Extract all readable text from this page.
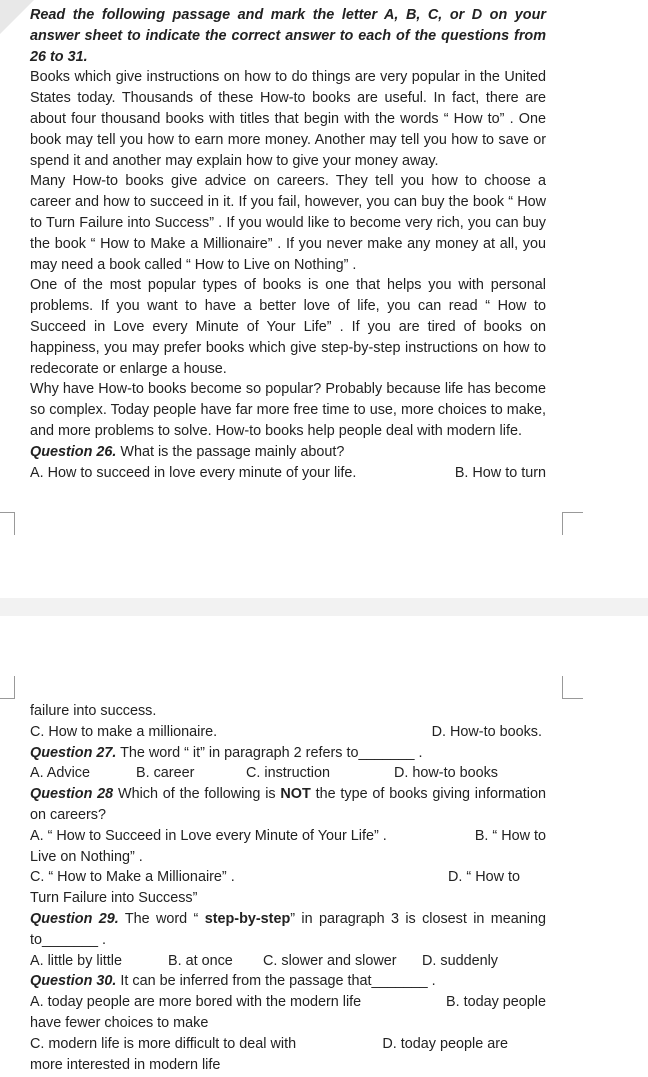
Read the following passage and mark the letter A, B, C, or D on your answer sheet to indicate the correct answer to each of the questions from 26 to 31.
Books which give instructions on how to do things are very popular in the United States today. Thousands of these How-to books are useful. In fact, there are about four thousand books with titles that begin with the words “ How to” . One book may tell you how to earn more money. Another may tell you how to save or spend it and another may explain how to give your money away.
Many How-to books give advice on careers. They tell you how to choose a career and how to succeed in it. If you fail, however, you can buy the book “ How to Turn Failure into Success” . If you would like to become very rich, you can buy the book “ How to Make a Millionaire” . If you never make any money at all, you may need a book called “ How to Live on Nothing” .
One of the most popular types of books is one that helps you with personal problems. If you want to have a better love of life, you can read “ How to Succeed in Love every Minute of Your Life” . If you are tired of books on happiness, you may prefer books which give step-by-step instructions on how to redecorate or enlarge a house.
Why have How-to books become so popular? Probably because life has become so complex. Today people have far more free time to use, more choices to make, and more problems to solve. How-to books help people deal with modern life.
Question 26. What is the passage mainly about?
A. How to succeed in love every minute of your life.	B. How to turn
failure into success.
C. How to make a millionaire.	D. How-to books.
Question 27. The word “ it” in paragraph 2 refers to_______ .
A. Advice	B. career	C. instruction	D. how-to books
Question 28 Which of the following is NOT the type of books giving information on careers?
A. “ How to Succeed in Love every Minute of Your Life” .	B. “ How to
Live on Nothing” .
C. “ How to Make a Millionaire” .	D. “ How to
Turn Failure into Success”
Question 29. The word “ step-by-step” in paragraph 3 is closest in meaning to_______ .
A. little by little	B. at once C. slower and slower D. suddenly
Question 30. It can be inferred from the passage that_______ .
A. today people are more bored with the modern life	B. today people
have fewer choices to make
C. modern life is more difficult to deal with	D. today people are
more interested in modern life
